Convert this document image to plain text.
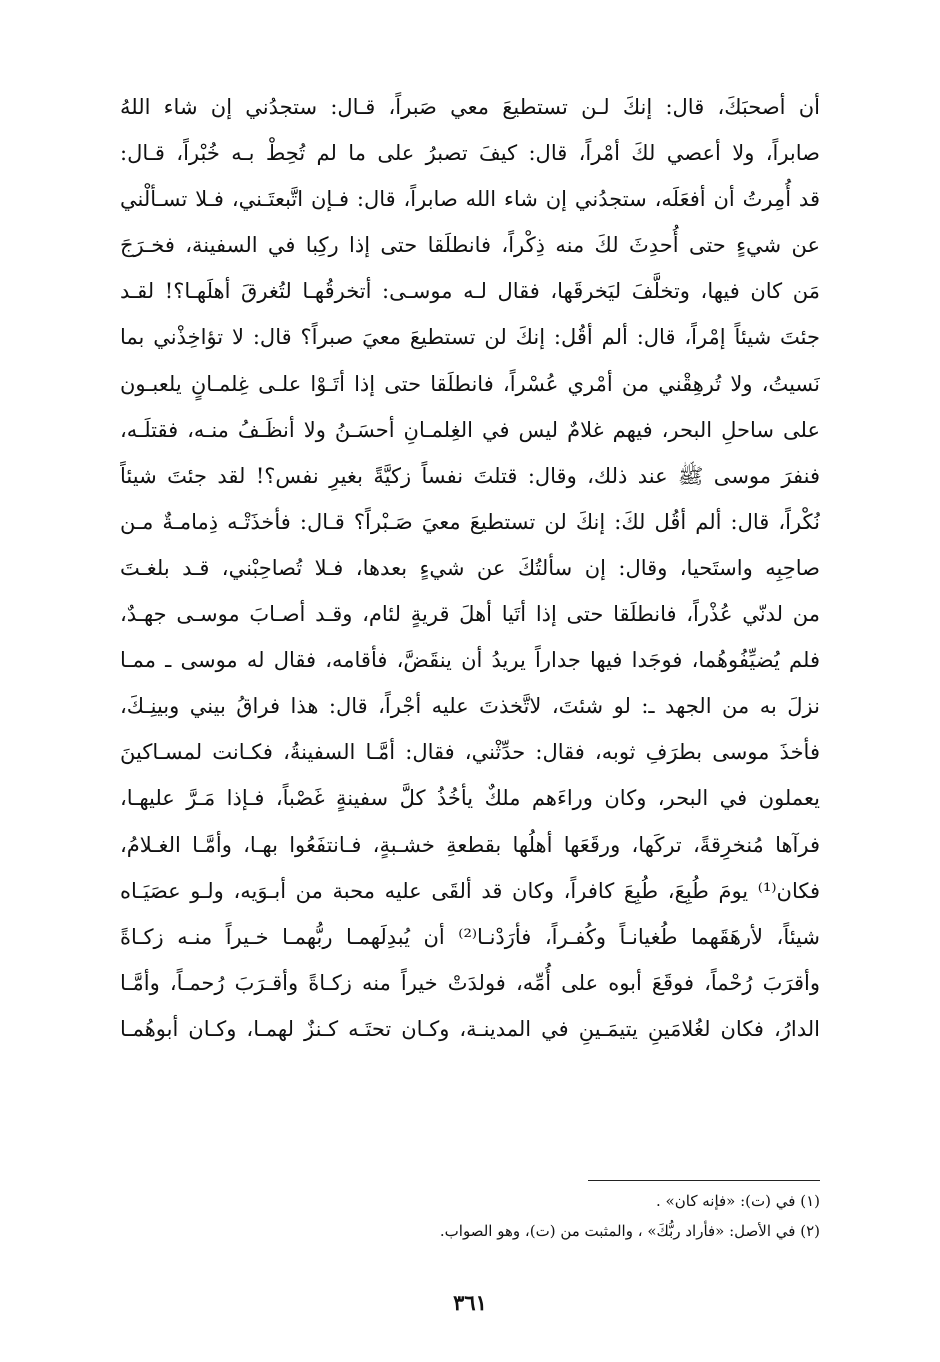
أن أصحبَكَ، قال: إنكَ لـن تستطيعَ معي صَبراً، قـال: ستجدُني إن شاء اللهُ
صابراً، ولا أعصي لكَ أمْراً، قال: كيفَ تصبرُ على ما لم تُحِطْ بـه خُبْراً، قـال:
قد أُمِرتُ أن أفعَلَه، ستجدُني إن شاء الله صابراً، قال: فـإن اتَّبعتَـني، فـلا تسـألْني
عن شيءٍ حتى أُحدِثَ لكَ منه ذِكْراً، فانطلَقا حتى إذا ركِبا في السفينة، فخـرَجَ
مَن كان فيها، وتخلَّفَ ليَخرقَها، فقال لـه موسـى: أتخرقُهـا لتُغرقَ أهلَهـا؟! لقـد
جئتَ شيئاً إمْراً، قال: ألم أقُل: إنكَ لن تستطيعَ معيَ صبراً؟ قال: لا تؤاخِذْني بما
نَسيتُ، ولا تُرهِقْني من أمْري عُسْراً، فانطلَقا حتى إذا أتَـوْا علـى غِلمـانٍ يلعبـون
على ساحلِ البحر، فيهم غلامٌ ليس في الغِلمـانِ أحسَـنُ ولا أنظَـفُ منـه، فقتلَـه،
فنفرَ موسى ﷺ عند ذلك، وقال: قتلتَ نفساً زكيَّةً بغيرِ نفس؟! لقد جئتَ شيئاً
نُكْراً، قال: ألم أقُل لكَ: إنكَ لن تستطيعَ معيَ صَـبْراً؟ قـال: فأخذَتْـه ذِمامـةٌ مـن
صاحِبِه واستَحيا، وقال: إن سألتُكَ عن شيءٍ بعدها، فـلا تُصاحِبْني، قـد بلغـتَ
من لدنّي عُذْراً، فانطلَقا حتى إذا أتَيا أهلَ قريةٍ لئام، وقـد أصـابَ موسـى جهـدٌ،
فلم يُضيِّفُوهُما، فوجَدا فيها جداراً يريدُ أن ينقَضَّ، فأقامه، فقال له موسى ـ ممـا
نزلَ به من الجهد ـ: لو شئتَ، لاتَّخذتَ عليه أجْراً، قال: هذا فراقُ بيني وبينِـكَ،
فأخذَ موسى بطرَفِ ثوبه، فقال: حدِّثْني، فقال: أمَّـا السفينةُ، فكـانت لمسـاكينَ
يعملون في البحر، وكان وراءَهم ملكٌ يأخُذُ كلَّ سفينةٍ غَصْباً، فـإذا مَـرَّ عليهـا،
فرآها مُنخرِقةً، تركَها، ورقَعَها أهلُها بقطعةِ خشـبةٍ، فـانتفَعُوا بهـا، وأمَّـا الغـلامُ،
فكان⁽¹⁾ يومَ طُبِعَ، طُبِعَ كافراً، وكان قد ألقَى عليه محبة من أبـوَيه، ولـو عصَيَـاه
شيئاً، لأرهَقَهما طُغيانـاً وكُفـراً، فأرَدْنـا⁽²⁾ أن يُبدِلَهمـا ربُّهمـا خـيراً منـه زكـاةً
وأقرَبَ رُحْماً، فوقَعَ أبوه على أُمِّه، فولدَتْ خيراً منه زكـاةً وأقـرَبَ رُحمـاً، وأمَّـا
الدارُ، فكان لغُلامَينِ يتيمَـينِ في المدينـة، وكـان تحتَـه كـنزٌ لهمـا، وكـان أبوهُمـا
(١) في (ت): «فإنه كان» .
(٢) في الأصل: «فأراد ربُّكَ» ، والمثبت من (ت)، وهو الصواب.
٣٦١
